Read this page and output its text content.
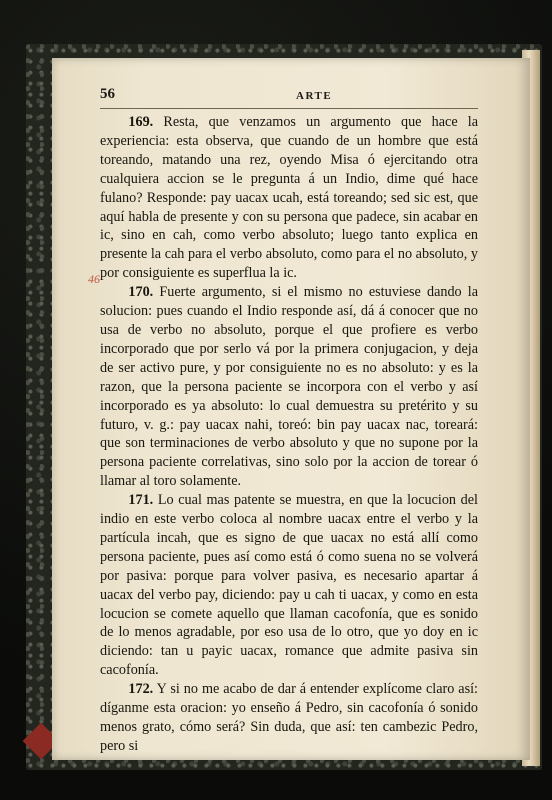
56	ARTE
46

169. Resta, que venzamos un argumento que hace la experiencia: esta observa, que cuando de un hombre que está toreando, matando una rez, oyendo Misa ó ejercitando otra cualquiera accion se le pregunta á un Indio, dime qué hace fulano? Responde: pay uacax ucah, está toreando; sed sic est, que aquí habla de presente y con su persona que padece, sin acabar en ic, sino en cah, como verbo absoluto; luego tanto explica en presente la cah para el verbo absoluto, como para el no absoluto, y por consiguiente es superflua la ic.

170. Fuerte argumento, si el mismo no estuviese dando la solucion: pues cuando el Indio responde así, dá á conocer que no usa de verbo no absoluto, porque el que profiere es verbo incorporado que por serlo vá por la primera conjugacion, y deja de ser activo pure, y por consiguiente no es no absoluto: y es la razon, que la persona paciente se incorpora con el verbo y así incorporado es ya absoluto: lo cual demuestra su pretérito y su futuro, v. g.: pay uacax nahi, toreó: bin pay uacax nac, toreará: que son terminaciones de verbo absoluto y que no supone por la persona paciente correlativas, sino solo por la accion de torear ó llamar al toro solamente.

171. Lo cual mas patente se muestra, en que la locucion del indio en este verbo coloca al nombre uacax entre el verbo y la partícula incah, que es signo de que uacax no está allí como persona paciente, pues así como está ó como suena no se volverá por pasiva: porque para volver pasiva, es necesario apartar á uacax del verbo pay, diciendo: pay u cah ti uacax, y como en esta locucion se comete aquello que llaman cacofonía, que es sonido de lo menos agradable, por eso usa de lo otro, que yo doy en ic diciendo: tan u payic uacax, romance que admite pasiva sin cacofonía.

172. Y si no me acabo de dar á entender explícome claro así: díganme esta oracion: yo enseño á Pedro, sin cacofonía ó sonido menos grato, cómo será? Sin duda, que así: ten cambezic Pedro, pero si
